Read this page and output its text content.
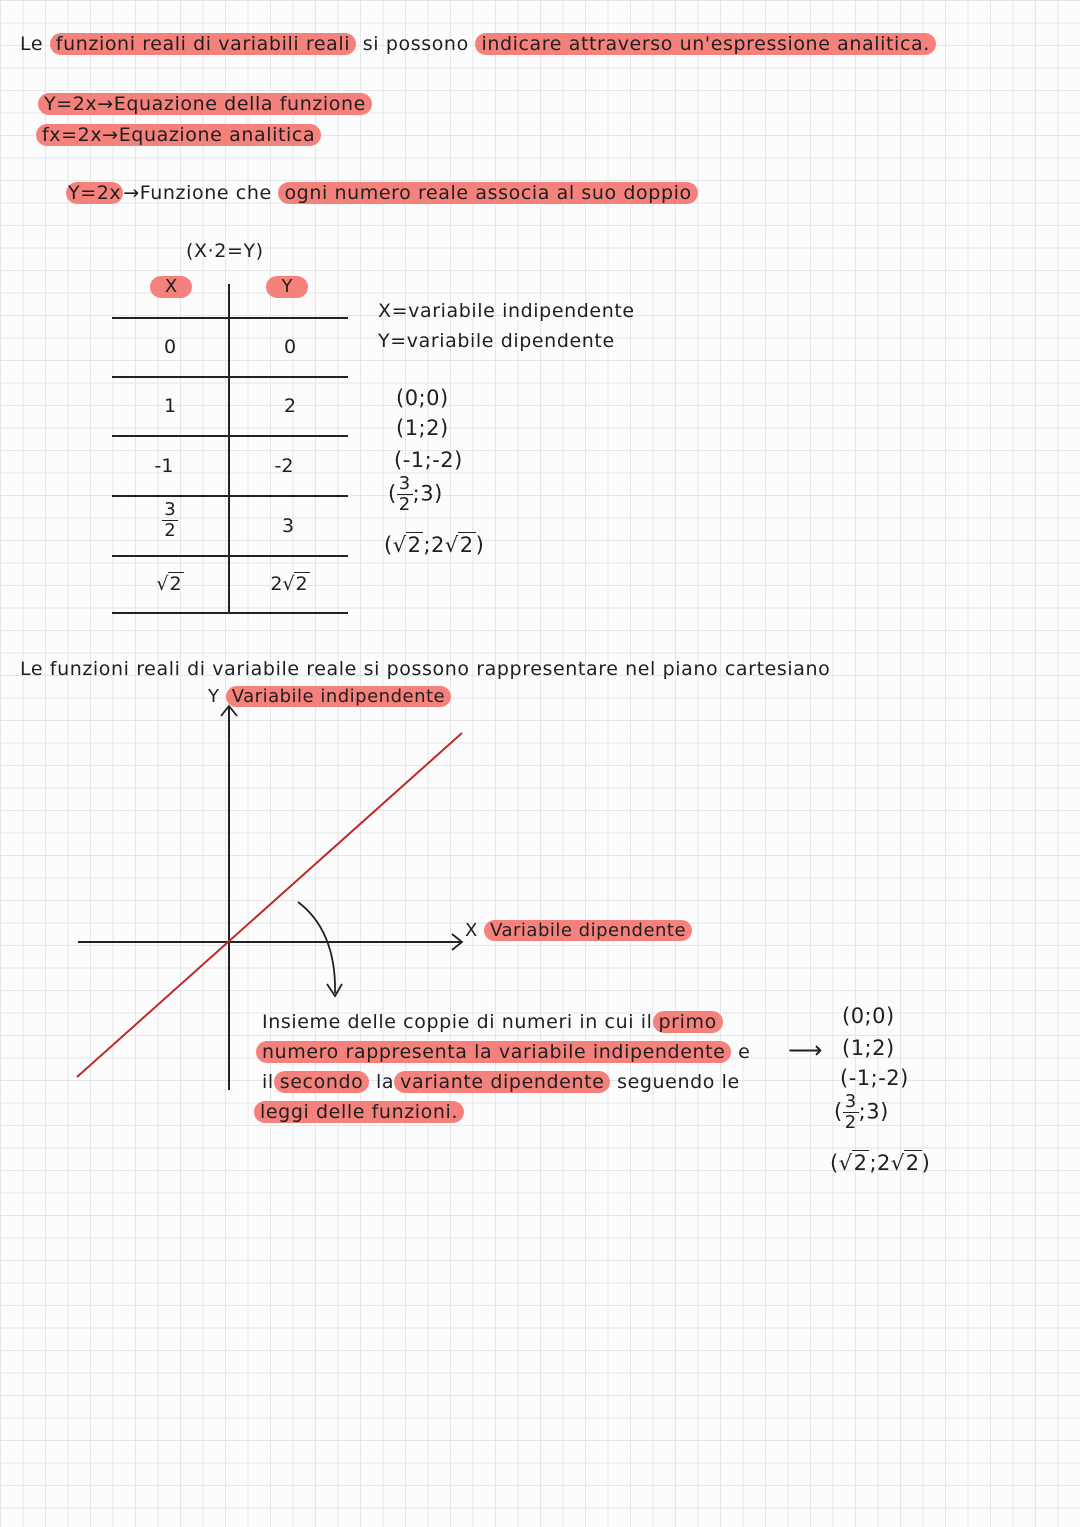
Le funzioni reali di variabili reali si possono indicare attraverso un'espressione analitica.
Y=2x→Equazione della funzione
fx=2x→Equazione analitica
Y=2x →Funzione che ogni numero reale associa al suo doppio
(X·2=Y)
X	Y
0	0
1	2
-1	-2
$\frac{3}{2}$	3
√2	2√2
X=variabile indipendente
Y=variabile dipendente
(0;0)
(1;2)
(-1;-2)
( $\frac{3}{2}$ ;3)
(√2;2√2)
Le funzioni reali di variabile reale si possono rappresentare nel piano cartesiano
Y Variabile indipendente
X Variabile dipendente
Insieme delle coppie di numeri in cui il primo
numero rappresenta la variabile indipendente e
il secondo la variante dipendente seguendo le
leggi delle funzioni.
⟶
(0;0)
(1;2)
(-1;-2)
( $\frac{3}{2}$ ;3)
(√2;2√2)
